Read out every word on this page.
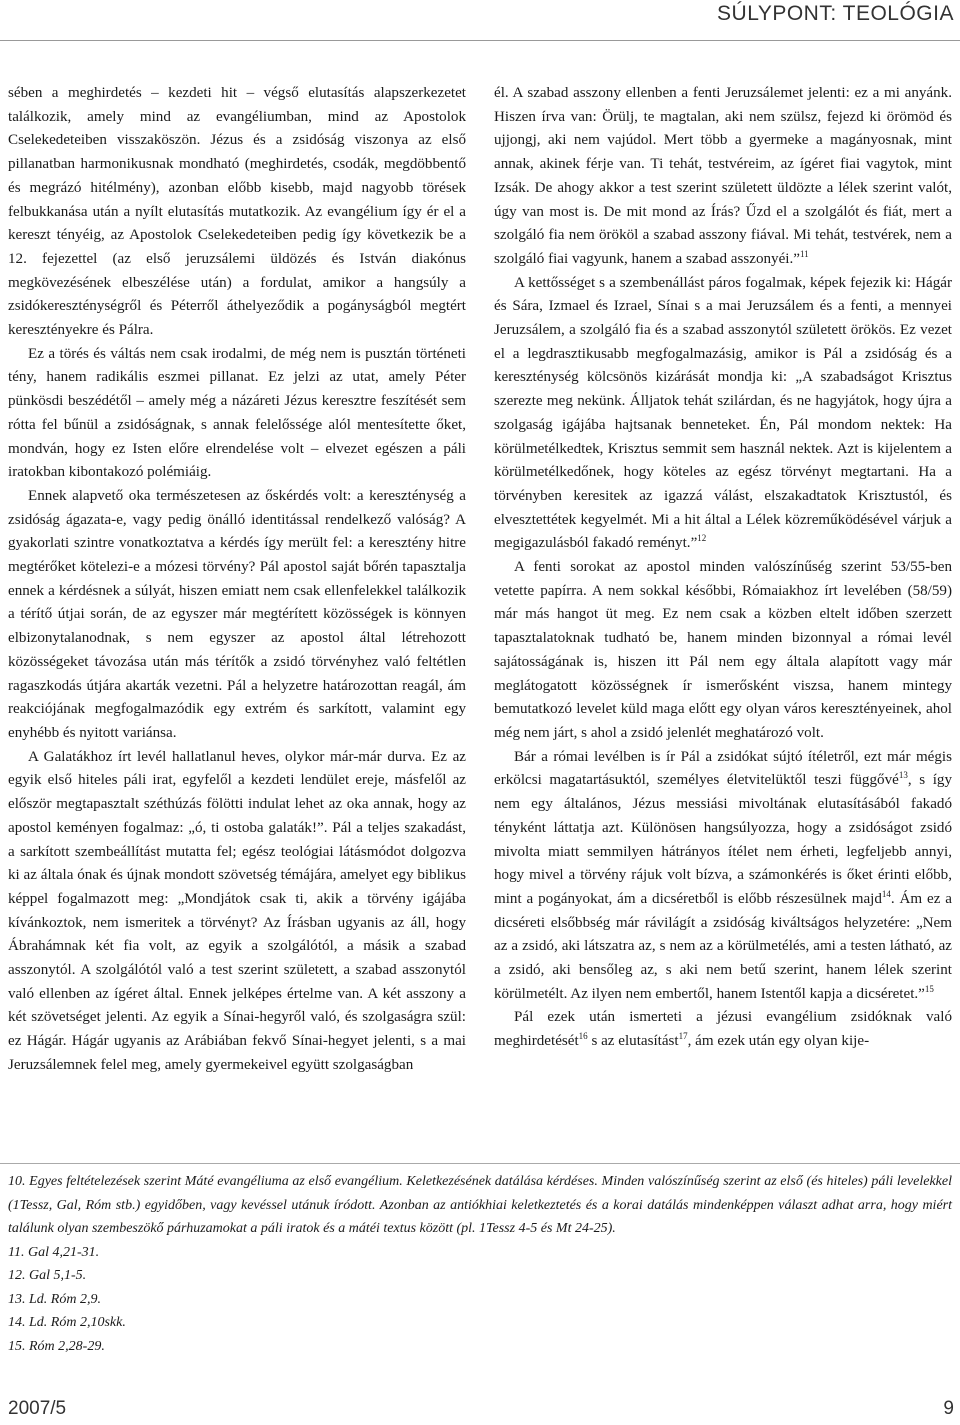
SÚLYPONT: TEOLÓGIA

sében a meghirdetés – kezdeti hit – végső elutasítás alapszerkezetet találkozik, amely mind az evangéliumban, mind az Apostolok Cselekedeteiben visszaköszön. Jézus és a zsidóság viszonya az első pillanatban harmonikusnak mondható (meghirdetés, csodák, megdöbbentő és megrázó hitélmény), azonban előbb kisebb, majd nagyobb törések felbukkanása után a nyílt elutasítás mutatkozik. Az evangélium így ér el a kereszt tényéig, az Apostolok Cselekedeteiben pedig így következik be a 12. fejezettel (az első jeruzsálemi üldözés és István diakónus megkövezésének elbeszélése után) a fordulat, amikor a hangsúly a zsidókereszténységről és Péterről áthelyeződik a pogányságból megtért keresztényekre és Pálra.

Ez a törés és váltás nem csak irodalmi, de még nem is pusztán történeti tény, hanem radikális eszmei pillanat. Ez jelzi az utat, amely Péter pünkösdi beszédétől – amely még a názáreti Jézus keresztre feszítését sem rótta fel bűnül a zsidóságnak, s annak felelőssége alól mentesítette őket, mondván, hogy ez Isten előre elrendelése volt – elvezet egészen a páli iratokban kibontakozó polémiáig.

Ennek alapvető oka természetesen az őskérdés volt: a kereszténység a zsidóság ágazata-e, vagy pedig önálló identitással rendelkező valóság? A gyakorlati szintre vonatkoztatva a kérdés így merült fel: a keresztény hitre megtérőket kötelezi-e a mózesi törvény? Pál apostol saját bőrén tapasztalja ennek a kérdésnek a súlyát, hiszen emiatt nem csak ellenfelekkel találkozik a térítő útjai során, de az egyszer már megtérített közösségek is könnyen elbizonytalanodnak, s nem egyszer az apostol által létrehozott közösségeket távozása után más térítők a zsidó törvényhez való feltétlen ragaszkodás útjára akarták vezetni. Pál a helyzetre határozottan reagál, ám reakciójának megfogalmazódik egy extrém és sarkított, valamint egy enyhébb és nyitott variánsa.

A Galatákhoz írt levél hallatlanul heves, olykor már-már durva. Ez az egyik első hiteles páli irat, egyfelől a kezdeti lendület ereje, másfelől az először megtapasztalt széthúzás fölötti indulat lehet az oka annak, hogy az apostol keményen fogalmaz: „ó, ti ostoba galaták!”. Pál a teljes szakadást, a sarkított szembeállítást mutatta fel; egész teológiai látásmódot dolgozva ki az általa ónak és újnak mondott szövetség témájára, amelyet egy biblikus képpel fogalmazott meg: „Mondjátok csak ti, akik a törvény igájába kívánkoztok, nem ismeritek a törvényt? Az Írásban ugyanis az áll, hogy Ábrahámnak két fia volt, az egyik a szolgálótól, a másik a szabad asszonytól. A szolgálótól való a test szerint született, a szabad asszonytól való ellenben az ígéret által. Ennek jelképes értelme van. A két asszony a két szövetséget jelenti. Az egyik a Sínai-hegyről való, és szolgaságra szül: ez Hágár. Hágár ugyanis az Arábiában fekvő Sínai-hegyet jelenti, s a mai Jeruzsálemnek felel meg, amely gyermekeivel együtt szolgaságban

él. A szabad asszony ellenben a fenti Jeruzsálemet jelenti: ez a mi anyánk. Hiszen írva van: Örülj, te magtalan, aki nem szülsz, fejezd ki örömöd és ujjongj, aki nem vajúdol. Mert több a gyermeke a magányosnak, mint annak, akinek férje van. Ti tehát, testvéreim, az ígéret fiai vagytok, mint Izsák. De ahogy akkor a test szerint született üldözte a lélek szerint valót, úgy van most is. De mit mond az Írás? Űzd el a szolgálót és fiát, mert a szolgáló fia nem örököl a szabad asszony fiával. Mi tehát, testvérek, nem a szolgáló fiai vagyunk, hanem a szabad asszonyéi.”$^{11}$

A kettősséget s a szembenállást páros fogalmak, képek fejezik ki: Hágár és Sára, Izmael és Izrael, Sínai s a mai Jeruzsálem és a fenti, a mennyei Jeruzsálem, a szolgáló fia és a szabad asszonytól született örökös. Ez vezet el a legdrasztikusabb megfogalmazásig, amikor is Pál a zsidóság és a kereszténység kölcsönös kizárását mondja ki: „A szabadságot Krisztus szerezte meg nekünk. Álljatok tehát szilárdan, és ne hagyjátok, hogy újra a szolgaság igájába hajtsanak benneteket. Én, Pál mondom nektek: Ha körülmetélkedtek, Krisztus semmit sem használ nektek. Azt is kijelentem a körülmetélkedőnek, hogy köteles az egész törvényt megtartani. Ha a törvényben keresitek az igazzá válást, elszakadtatok Krisztustól, és elvesztettétek kegyelmét. Mi a hit által a Lélek közreműködésével várjuk a megigazulásból fakadó reményt.”$^{12}$

A fenti sorokat az apostol minden valószínűség szerint 53/55-ben vetette papírra. A nem sokkal későbbi, Rómaiakhoz írt levelében (58/59) már más hangot üt meg. Ez nem csak a közben eltelt időben szerzett tapasztalatoknak tudható be, hanem minden bizonnyal a római levél sajátosságának is, hiszen itt Pál nem egy általa alapított vagy már meglátogatott közösségnek ír ismerősként viszsa, hanem mintegy bemutatkozó levelet küld maga előtt egy olyan város keresztényeinek, ahol még nem járt, s ahol a zsidó jelenlét meghatározó volt.

Bár a római levélben is ír Pál a zsidókat sújtó ítéletről, ezt már mégis erkölcsi magatartásuktól, személyes életvitelüktől teszi függővé$^{13}$, s így nem egy általános, Jézus messiási mivoltának elutasításából fakadó tényként láttatja azt. Különösen hangsúlyozza, hogy a zsidóságot zsidó mivolta miatt semmilyen hátrányos ítélet nem érheti, legfeljebb annyi, hogy mivel a törvény rájuk volt bízva, a számonkérés is őket érinti előbb, mint a pogányokat, ám a dicséretből is előbb részesülnek majd$^{14}$. Ám ez a dicséreti elsőbbség már rávilágít a zsidóság kiváltságos helyzetére: „Nem az a zsidó, aki látszatra az, s nem az a körülmetélés, ami a testen látható, az a zsidó, aki bensőleg az, s aki nem betű szerint, hanem lélek szerint körülmetélt. Az ilyen nem embertől, hanem Istentől kapja a dicséretet.”$^{15}$

Pál ezek után ismerteti a jézusi evangélium zsidóknak való meghirdetését$^{16}$ s az elutasítást$^{17}$, ám ezek után egy olyan kije-

10. Egyes feltételezések szerint Máté evangéliuma az első evangélium. Keletkezésének datálása kérdéses. Minden valószínűség szerint az első (és hiteles) páli levelekkel (1Tessz, Gal, Róm stb.) egyidőben, vagy kevéssel utánuk íródott. Azonban az antiókhiai keletkeztetés és a korai datálás mindenképpen választ adhat arra, hogy miért találunk olyan szembeszökő párhuzamokat a páli iratok és a mátéi textus között (pl. 1Tessz 4-5 és Mt 24-25).

11. Gal 4,21-31.

12. Gal 5,1-5.

13. Ld. Róm 2,9.

14. Ld. Róm 2,10skk.

15. Róm 2,28-29.

2007/5	9
